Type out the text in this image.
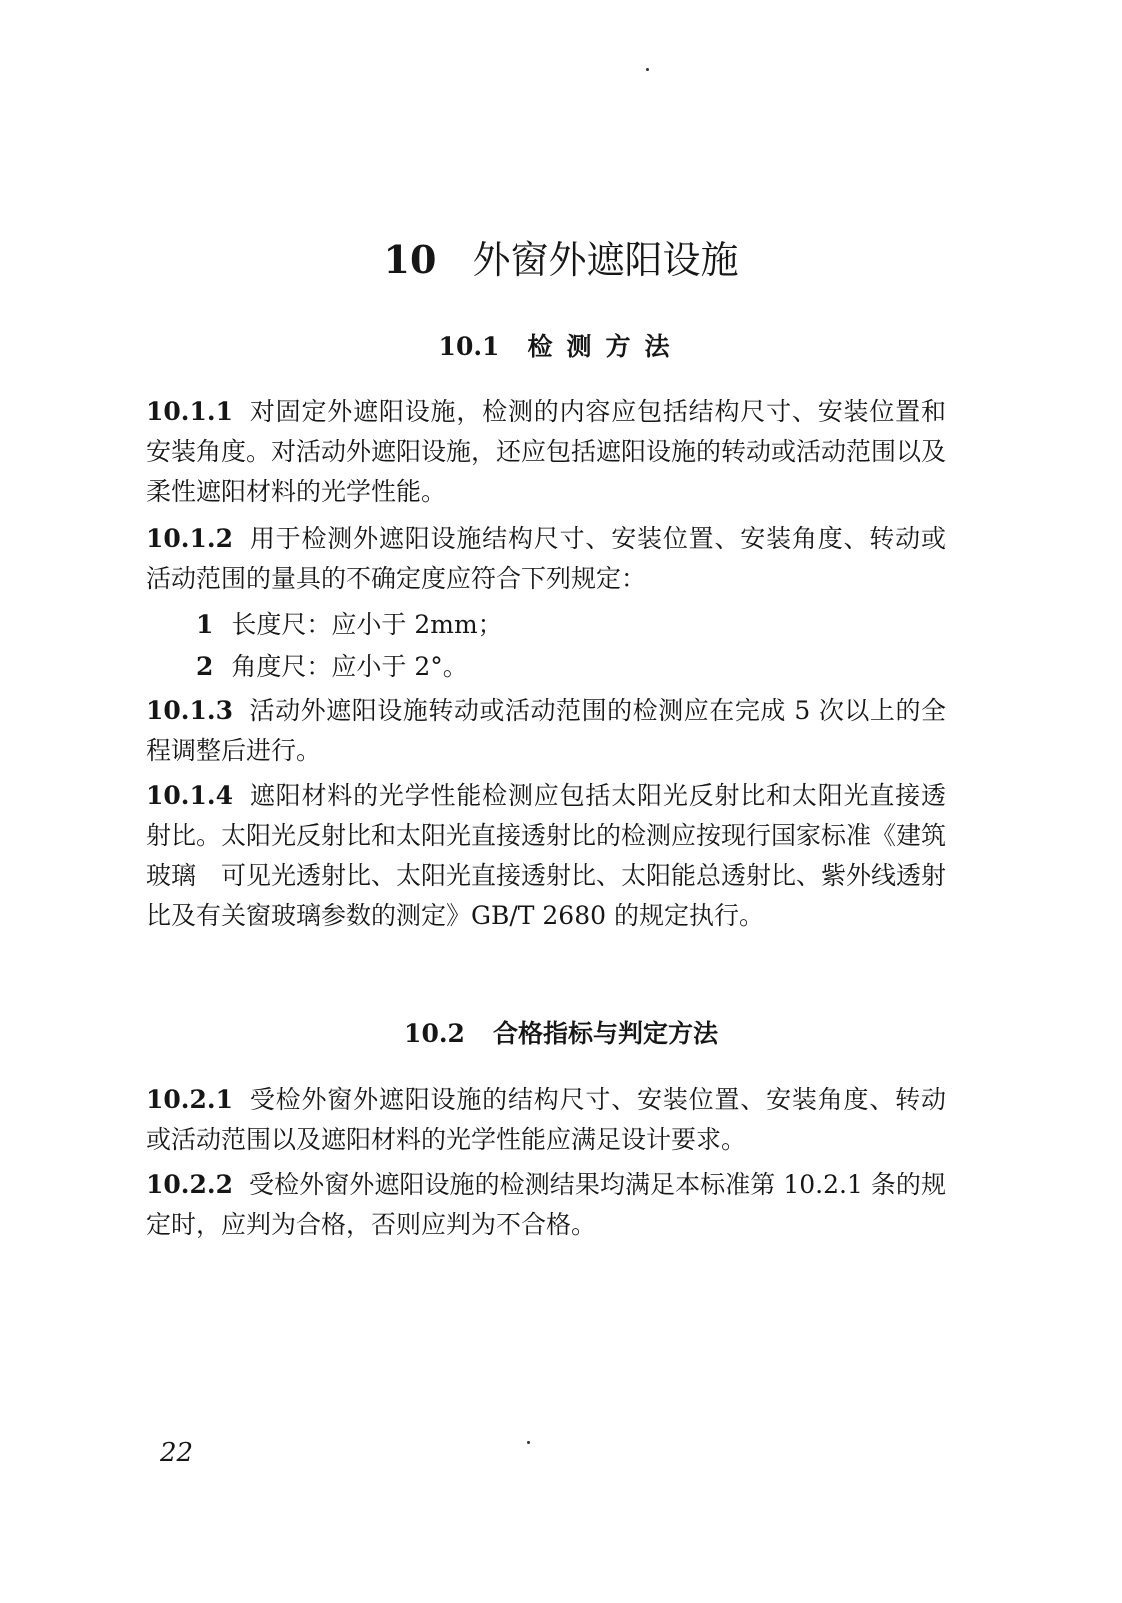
10 外窗外遮阳设施
10.1 检测方法
10.1.1 对固定外遮阳设施，检测的内容应包括结构尺寸、安装位置和安装角度。对活动外遮阳设施，还应包括遮阳设施的转动或活动范围以及柔性遮阳材料的光学性能。
10.1.2 用于检测外遮阳设施结构尺寸、安装位置、安装角度、转动或活动范围的量具的不确定度应符合下列规定：
1 长度尺：应小于 2mm；
2 角度尺：应小于 2°。
10.1.3 活动外遮阳设施转动或活动范围的检测应在完成 5 次以上的全程调整后进行。
10.1.4 遮阳材料的光学性能检测应包括太阳光反射比和太阳光直接透射比。太阳光反射比和太阳光直接透射比的检测应按现行国家标准《建筑玻璃　可见光透射比、太阳光直接透射比、太阳能总透射比、紫外线透射比及有关窗玻璃参数的测定》GB/T 2680 的规定执行。
10.2 合格指标与判定方法
10.2.1 受检外窗外遮阳设施的结构尺寸、安装位置、安装角度、转动或活动范围以及遮阳材料的光学性能应满足设计要求。
10.2.2 受检外窗外遮阳设施的检测结果均满足本标准第 10.2.1 条的规定时，应判为合格，否则应判为不合格。
22
